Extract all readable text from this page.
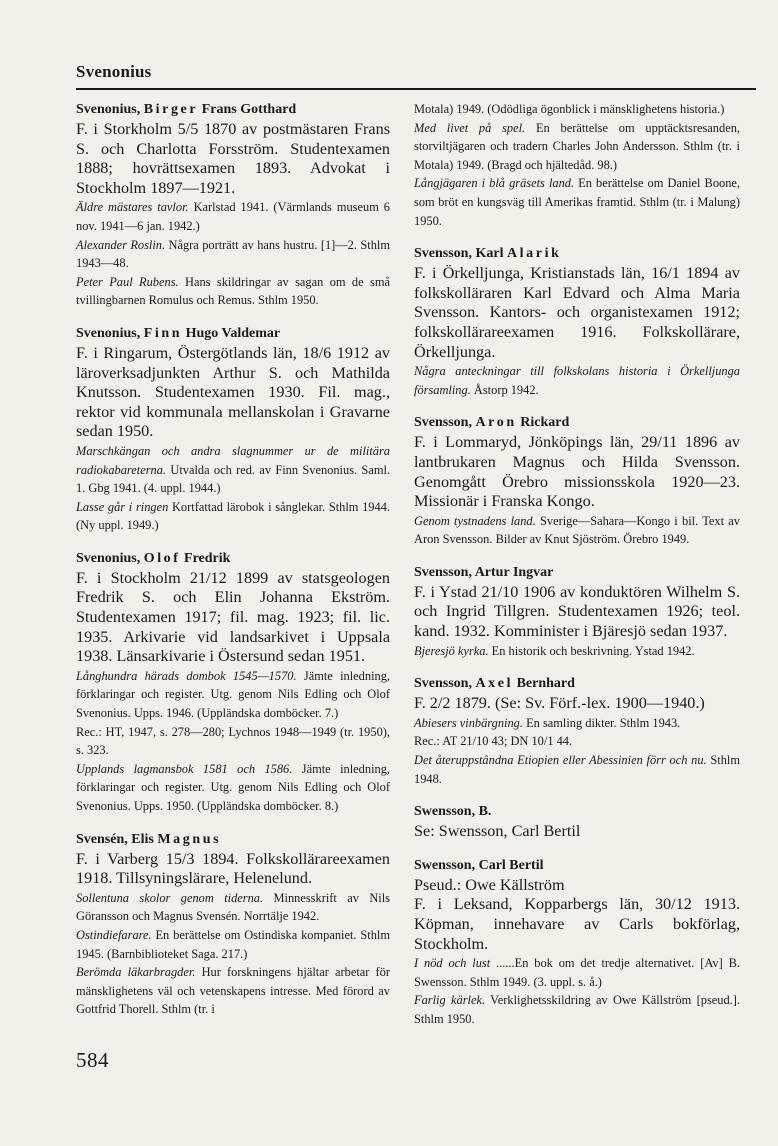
Svenonius
Svenonius, Birger Frans Gotthard
F. i Storkholm 5/5 1870 av postmästaren Frans S. och Charlotta Forsström. Studentexamen 1888; hovrättsexamen 1893. Advokat i Stockholm 1897—1921.
Äldre mästares tavlor. Karlstad 1941. (Värmlands museum 6 nov. 1941—6 jan. 1942.)
Alexander Roslin. Några porträtt av hans hustru. [1]—2. Sthlm 1943—48.
Peter Paul Rubens. Hans skildringar av sagan om de små tvillingbarnen Romulus och Remus. Sthlm 1950.
Svenonius, Finn Hugo Valdemar
F. i Ringarum, Östergötlands län, 18/6 1912 av läroverksadjunkten Arthur S. och Mathilda Knutsson. Studentexamen 1930. Fil. mag., rektor vid kommunala mellanskolan i Gravarne sedan 1950.
Marschkängan och andra slagnummer ur de militära radiokabareterna. Utvalda och red. av Finn Svenonius. Saml. 1. Gbg 1941. (4. uppl. 1944.)
Lasse går i ringen Kortfattad lärobok i sånglekar. Sthlm 1944. (Ny uppl. 1949.)
Svenonius, Olof Fredrik
F. i Stockholm 21/12 1899 av statsgeologen Fredrik S. och Elin Johanna Ekström. Studentexamen 1917; fil. mag. 1923; fil. lic. 1935. Arkivarie vid landsarkivet i Uppsala 1938. Länsarkivarie i Östersund sedan 1951.
Långhundra härads dombok 1545—1570. Jämte inledning, förklaringar och register. Utg. genom Nils Edling och Olof Svenonius. Upps. 1946. (Uppländska domböcker. 7.)
Rec.: HT, 1947, s. 278—280; Lychnos 1948—1949 (tr. 1950), s. 323.
Upplands lagmansbok 1581 och 1586. Jämte inledning, förklaringar och register. Utg. genom Nils Edling och Olof Svenonius. Upps. 1950. (Uppländska domböcker. 8.)
Svensén, Elis Magnus
F. i Varberg 15/3 1894. Folkskollärareexamen 1918. Tillsyningslärare, Helenelund.
Sollentuna skolor genom tiderna. Minnesskrift av Nils Göransson och Magnus Svensén. Norrtälje 1942.
Ostindiefarare. En berättelse om Ostindiska kompaniet. Sthlm 1945. (Barnbiblioteket Saga. 217.)
Berömda läkarbragder. Hur forskningens hjältar arbetar för mänsklighetens väl och vetenskapens intresse. Med förord av Gottfrid Thorell. Sthlm (tr. i
Motala) 1949. (Odödliga ögonblick i mänsklighetens historia.)
Med livet på spel. En berättelse om upptäcktsresanden, storviltjägaren och tradern Charles John Andersson. Sthlm (tr. i Motala) 1949. (Bragd och hjältedåd. 98.)
Långjägaren i blå gräsets land. En berättelse om Daniel Boone, som bröt en kungsväg till Amerikas framtid. Sthlm (tr. i Malung) 1950.
Svensson, Karl Alarik
F. i Örkelljunga, Kristianstads län, 16/1 1894 av folkskolläraren Karl Edvard och Alma Maria Svensson. Kantors- och organistexamen 1912; folkskollärareexamen 1916. Folkskollärare, Örkelljunga.
Några anteckningar till folkskolans historia i Örkelljunga församling. Åstorp 1942.
Svensson, Aron Rickard
F. i Lommaryd, Jönköpings län, 29/11 1896 av lantbrukaren Magnus och Hilda Svensson. Genomgått Örebro missionsskola 1920—23. Missionär i Franska Kongo.
Genom tystnadens land. Sverige—Sahara—Kongo i bil. Text av Aron Svensson. Bilder av Knut Sjöström. Örebro 1949.
Svensson, Artur Ingvar
F. i Ystad 21/10 1906 av konduktören Wilhelm S. och Ingrid Tillgren. Studentexamen 1926; teol. kand. 1932. Komminister i Bjäresjö sedan 1937.
Bjeresjö kyrka. En historik och beskrivning. Ystad 1942.
Svensson, Axel Bernhard
F. 2/2 1879. (Se: Sv. Förf.-lex. 1900—1940.)
Abiesers vinbärgning. En samling dikter. Sthlm 1943.
Rec.: AT 21/10 43; DN 10/1 44.
Det återuppstândna Etiopien eller Abessinien förr och nu. Sthlm 1948.
Swensson, B.
Se: Swensson, Carl Bertil
Swensson, Carl Bertil
Pseud.: Owe Källström
F. i Leksand, Kopparbergs län, 30/12 1913. Köpman, innehavare av Carls bokförlag, Stockholm.
I nöd och lust ......En bok om det tredje alternativet. [Av] B. Swensson. Sthlm 1949. (3. uppl. s. å.)
Farlig kärlek. Verklighetsskildring av Owe Källström [pseud.]. Sthlm 1950.
584
